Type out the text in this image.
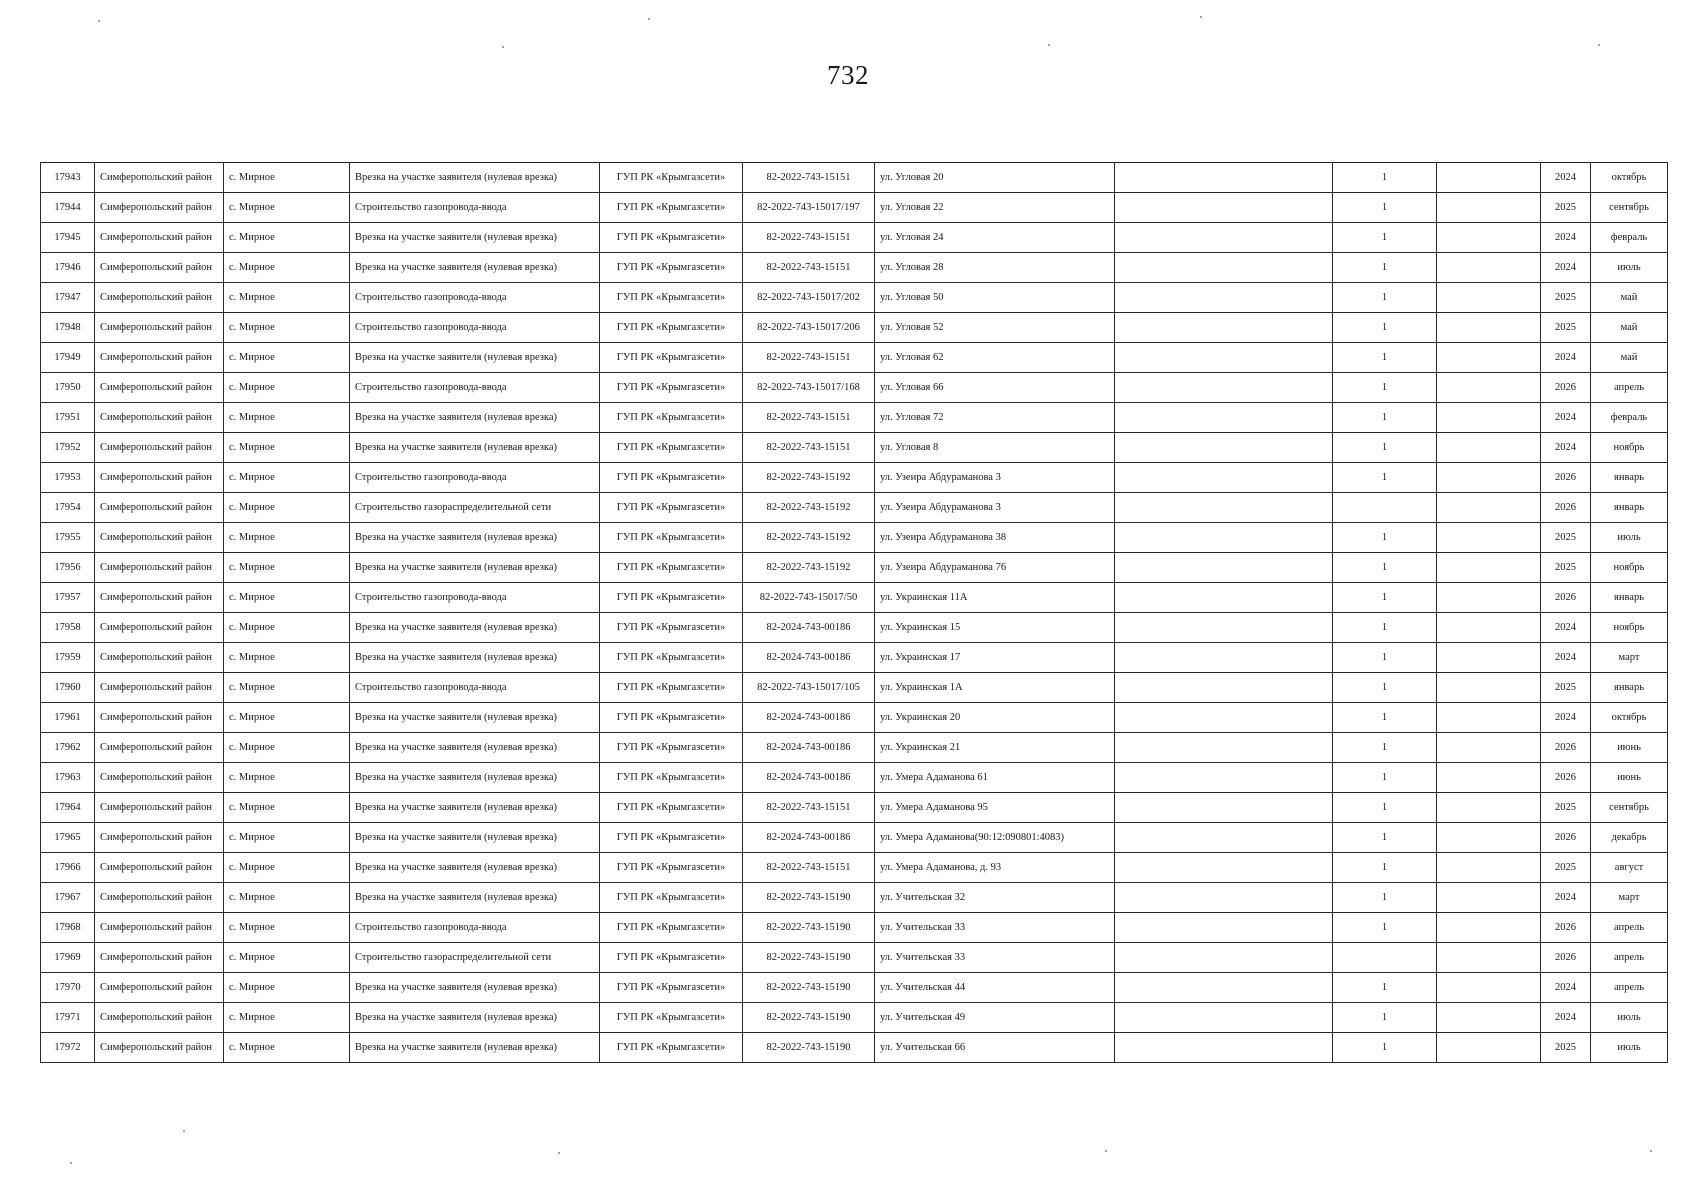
732
17943	Симферопольский район	с. Мирное	Врезка на участке заявителя (нулевая врезка)	ГУП РК «Крымгазсети»	82-2022-743-15151	ул. Угловая 20		1		2024	октябрь
17944	Симферопольский район	с. Мирное	Строительство газопровода-ввода	ГУП РК «Крымгазсети»	82-2022-743-15017/197	ул. Угловая 22		1		2025	сентябрь
17945	Симферопольский район	с. Мирное	Врезка на участке заявителя (нулевая врезка)	ГУП РК «Крымгазсети»	82-2022-743-15151	ул. Угловая 24		1		2024	февраль
17946	Симферопольский район	с. Мирное	Врезка на участке заявителя (нулевая врезка)	ГУП РК «Крымгазсети»	82-2022-743-15151	ул. Угловая 28		1		2024	июль
17947	Симферопольский район	с. Мирное	Строительство газопровода-ввода	ГУП РК «Крымгазсети»	82-2022-743-15017/202	ул. Угловая 50		1		2025	май
17948	Симферопольский район	с. Мирное	Строительство газопровода-ввода	ГУП РК «Крымгазсети»	82-2022-743-15017/206	ул. Угловая 52		1		2025	май
17949	Симферопольский район	с. Мирное	Врезка на участке заявителя (нулевая врезка)	ГУП РК «Крымгазсети»	82-2022-743-15151	ул. Угловая 62		1		2024	май
17950	Симферопольский район	с. Мирное	Строительство газопровода-ввода	ГУП РК «Крымгазсети»	82-2022-743-15017/168	ул. Угловая 66		1		2026	апрель
17951	Симферопольский район	с. Мирное	Врезка на участке заявителя (нулевая врезка)	ГУП РК «Крымгазсети»	82-2022-743-15151	ул. Угловая 72		1		2024	февраль
17952	Симферопольский район	с. Мирное	Врезка на участке заявителя (нулевая врезка)	ГУП РК «Крымгазсети»	82-2022-743-15151	ул. Угловая 8		1		2024	ноябрь
17953	Симферопольский район	с. Мирное	Строительство газопровода-ввода	ГУП РК «Крымгазсети»	82-2022-743-15192	ул. Узеира Абдураманова 3		1		2026	январь
17954	Симферопольский район	с. Мирное	Строительство газораспределительной сети	ГУП РК «Крымгазсети»	82-2022-743-15192	ул. Узеира Абдураманова 3				2026	январь
17955	Симферопольский район	с. Мирное	Врезка на участке заявителя (нулевая врезка)	ГУП РК «Крымгазсети»	82-2022-743-15192	ул. Узеира Абдураманова 38		1		2025	июль
17956	Симферопольский район	с. Мирное	Врезка на участке заявителя (нулевая врезка)	ГУП РК «Крымгазсети»	82-2022-743-15192	ул. Узеира Абдураманова 76		1		2025	ноябрь
17957	Симферопольский район	с. Мирное	Строительство газопровода-ввода	ГУП РК «Крымгазсети»	82-2022-743-15017/50	ул. Украинская 11А		1		2026	январь
17958	Симферопольский район	с. Мирное	Врезка на участке заявителя (нулевая врезка)	ГУП РК «Крымгазсети»	82-2024-743-00186	ул. Украинская 15		1		2024	ноябрь
17959	Симферопольский район	с. Мирное	Врезка на участке заявителя (нулевая врезка)	ГУП РК «Крымгазсети»	82-2024-743-00186	ул. Украинская 17		1		2024	март
17960	Симферопольский район	с. Мирное	Строительство газопровода-ввода	ГУП РК «Крымгазсети»	82-2022-743-15017/105	ул. Украинская 1А		1		2025	январь
17961	Симферопольский район	с. Мирное	Врезка на участке заявителя (нулевая врезка)	ГУП РК «Крымгазсети»	82-2024-743-00186	ул. Украинская 20		1		2024	октябрь
17962	Симферопольский район	с. Мирное	Врезка на участке заявителя (нулевая врезка)	ГУП РК «Крымгазсети»	82-2024-743-00186	ул. Украинская 21		1		2026	июнь
17963	Симферопольский район	с. Мирное	Врезка на участке заявителя (нулевая врезка)	ГУП РК «Крымгазсети»	82-2024-743-00186	ул. Умера Адаманова 61		1		2026	июнь
17964	Симферопольский район	с. Мирное	Врезка на участке заявителя (нулевая врезка)	ГУП РК «Крымгазсети»	82-2022-743-15151	ул. Умера Адаманова 95		1		2025	сентябрь
17965	Симферопольский район	с. Мирное	Врезка на участке заявителя (нулевая врезка)	ГУП РК «Крымгазсети»	82-2024-743-00186	ул. Умера Адаманова(90:12:090801:4083)		1		2026	декабрь
17966	Симферопольский район	с. Мирное	Врезка на участке заявителя (нулевая врезка)	ГУП РК «Крымгазсети»	82-2022-743-15151	ул. Умера Адаманова, д. 93		1		2025	август
17967	Симферопольский район	с. Мирное	Врезка на участке заявителя (нулевая врезка)	ГУП РК «Крымгазсети»	82-2022-743-15190	ул. Учительская 32		1		2024	март
17968	Симферопольский район	с. Мирное	Строительство газопровода-ввода	ГУП РК «Крымгазсети»	82-2022-743-15190	ул. Учительская 33		1		2026	апрель
17969	Симферопольский район	с. Мирное	Строительство газораспределительной сети	ГУП РК «Крымгазсети»	82-2022-743-15190	ул. Учительская 33				2026	апрель
17970	Симферопольский район	с. Мирное	Врезка на участке заявителя (нулевая врезка)	ГУП РК «Крымгазсети»	82-2022-743-15190	ул. Учительская 44		1		2024	апрель
17971	Симферопольский район	с. Мирное	Врезка на участке заявителя (нулевая врезка)	ГУП РК «Крымгазсети»	82-2022-743-15190	ул. Учительская 49		1		2024	июль
17972	Симферопольский район	с. Мирное	Врезка на участке заявителя (нулевая врезка)	ГУП РК «Крымгазсети»	82-2022-743-15190	ул. Учительская 66		1		2025	июль
